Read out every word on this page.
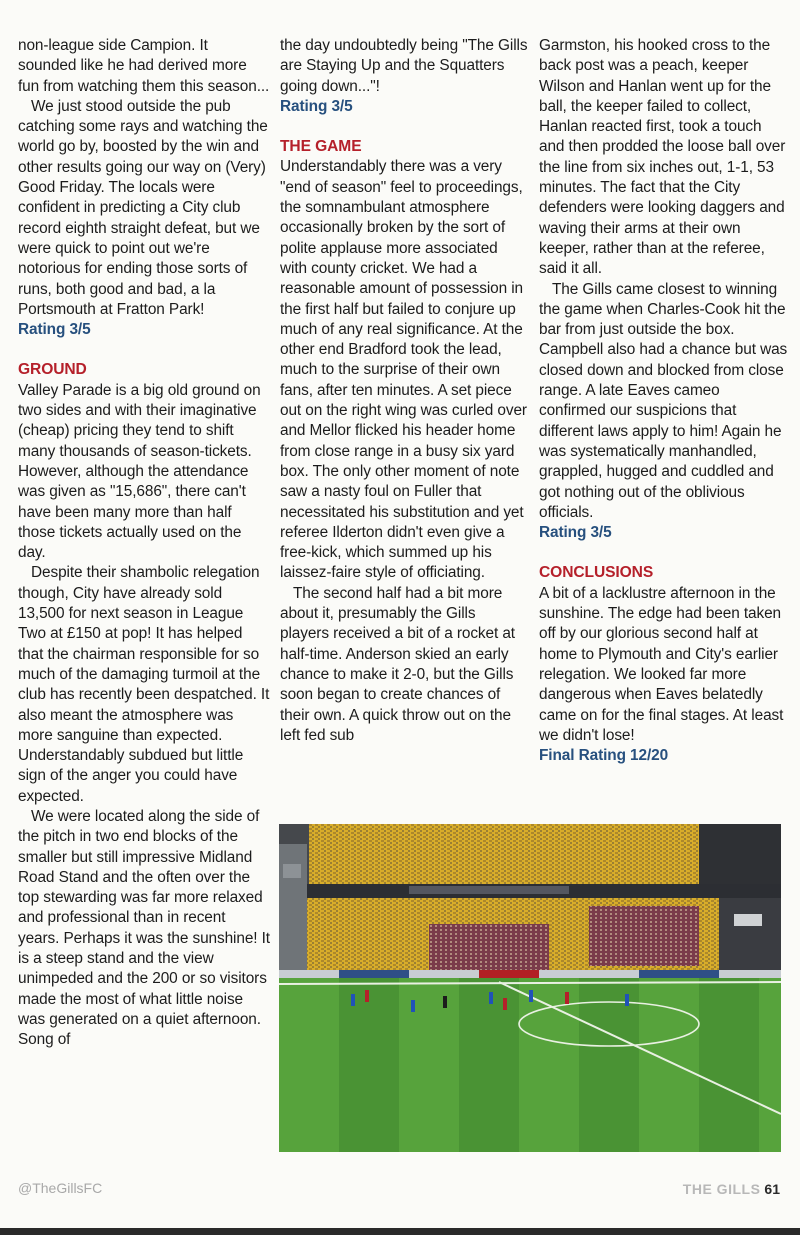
non-league side Campion. It sounded like he had derived more fun from watching them this season...

We just stood outside the pub catching some rays and watching the world go by, boosted by the win and other results going our way on (Very) Good Friday. The locals were confident in predicting a City club record eighth straight defeat, but we were quick to point out we're notorious for ending those sorts of runs, both good and bad, a la Portsmouth at Fratton Park!

Rating 3/5
GROUND

Valley Parade is a big old ground on two sides and with their imaginative (cheap) pricing they tend to shift many thousands of season-tickets. However, although the attendance was given as "15,686", there can't have been many more than half those tickets actually used on the day.

Despite their shambolic relegation though, City have already sold 13,500 for next season in League Two at £150 at pop! It has helped that the chairman responsible for so much of the damaging turmoil at the club has recently been despatched. It also meant the atmosphere was more sanguine than expected. Understandably subdued but little sign of the anger you could have expected.

We were located along the side of the pitch in two end blocks of the smaller but still impressive Midland Road Stand and the often over the top stewarding was far more relaxed and professional than in recent years. Perhaps it was the sunshine! It is a steep stand and the view unimpeded and the 200 or so visitors made the most of what little noise was generated on a quiet afternoon. Song of

the day undoubtedly being "The Gills are Staying Up and the Squatters going down..."!

Rating 3/5
THE GAME

Understandably there was a very "end of season" feel to proceedings, the somnambulant atmosphere occasionally broken by the sort of polite applause more associated with county cricket. We had a reasonable amount of possession in the first half but failed to conjure up much of any real significance. At the other end Bradford took the lead, much to the surprise of their own fans, after ten minutes. A set piece out on the right wing was curled over and Mellor flicked his header home from close range in a busy six yard box. The only other moment of note saw a nasty foul on Fuller that necessitated his substitution and yet referee Ilderton didn't even give a free-kick, which summed up his laissez-faire style of officiating.

The second half had a bit more about it, presumably the Gills players received a bit of a rocket at half-time. Anderson skied an early chance to make it 2-0, but the Gills soon began to create chances of their own. A quick throw out on the left fed sub

Garmston, his hooked cross to the back post was a peach, keeper Wilson and Hanlan went up for the ball, the keeper failed to collect, Hanlan reacted first, took a touch and then prodded the loose ball over the line from six inches out, 1-1, 53 minutes. The fact that the City defenders were looking daggers and waving their arms at their own keeper, rather than at the referee, said it all.

The Gills came closest to winning the game when Charles-Cook hit the bar from just outside the box. Campbell also had a chance but was closed down and blocked from close range. A late Eaves cameo confirmed our suspicions that different laws apply to him! Again he was systematically manhandled, grappled, hugged and cuddled and got nothing out of the oblivious officials.

Rating 3/5
CONCLUSIONS

A bit of a lacklustre afternoon in the sunshine. The edge had been taken off by our glorious second half at home to Plymouth and City's earlier relegation. We looked far more dangerous when Eaves belatedly came on for the final stages. At least we didn't lose!

Final Rating 12/20
@TheGillsFC	THE GILLS 61
